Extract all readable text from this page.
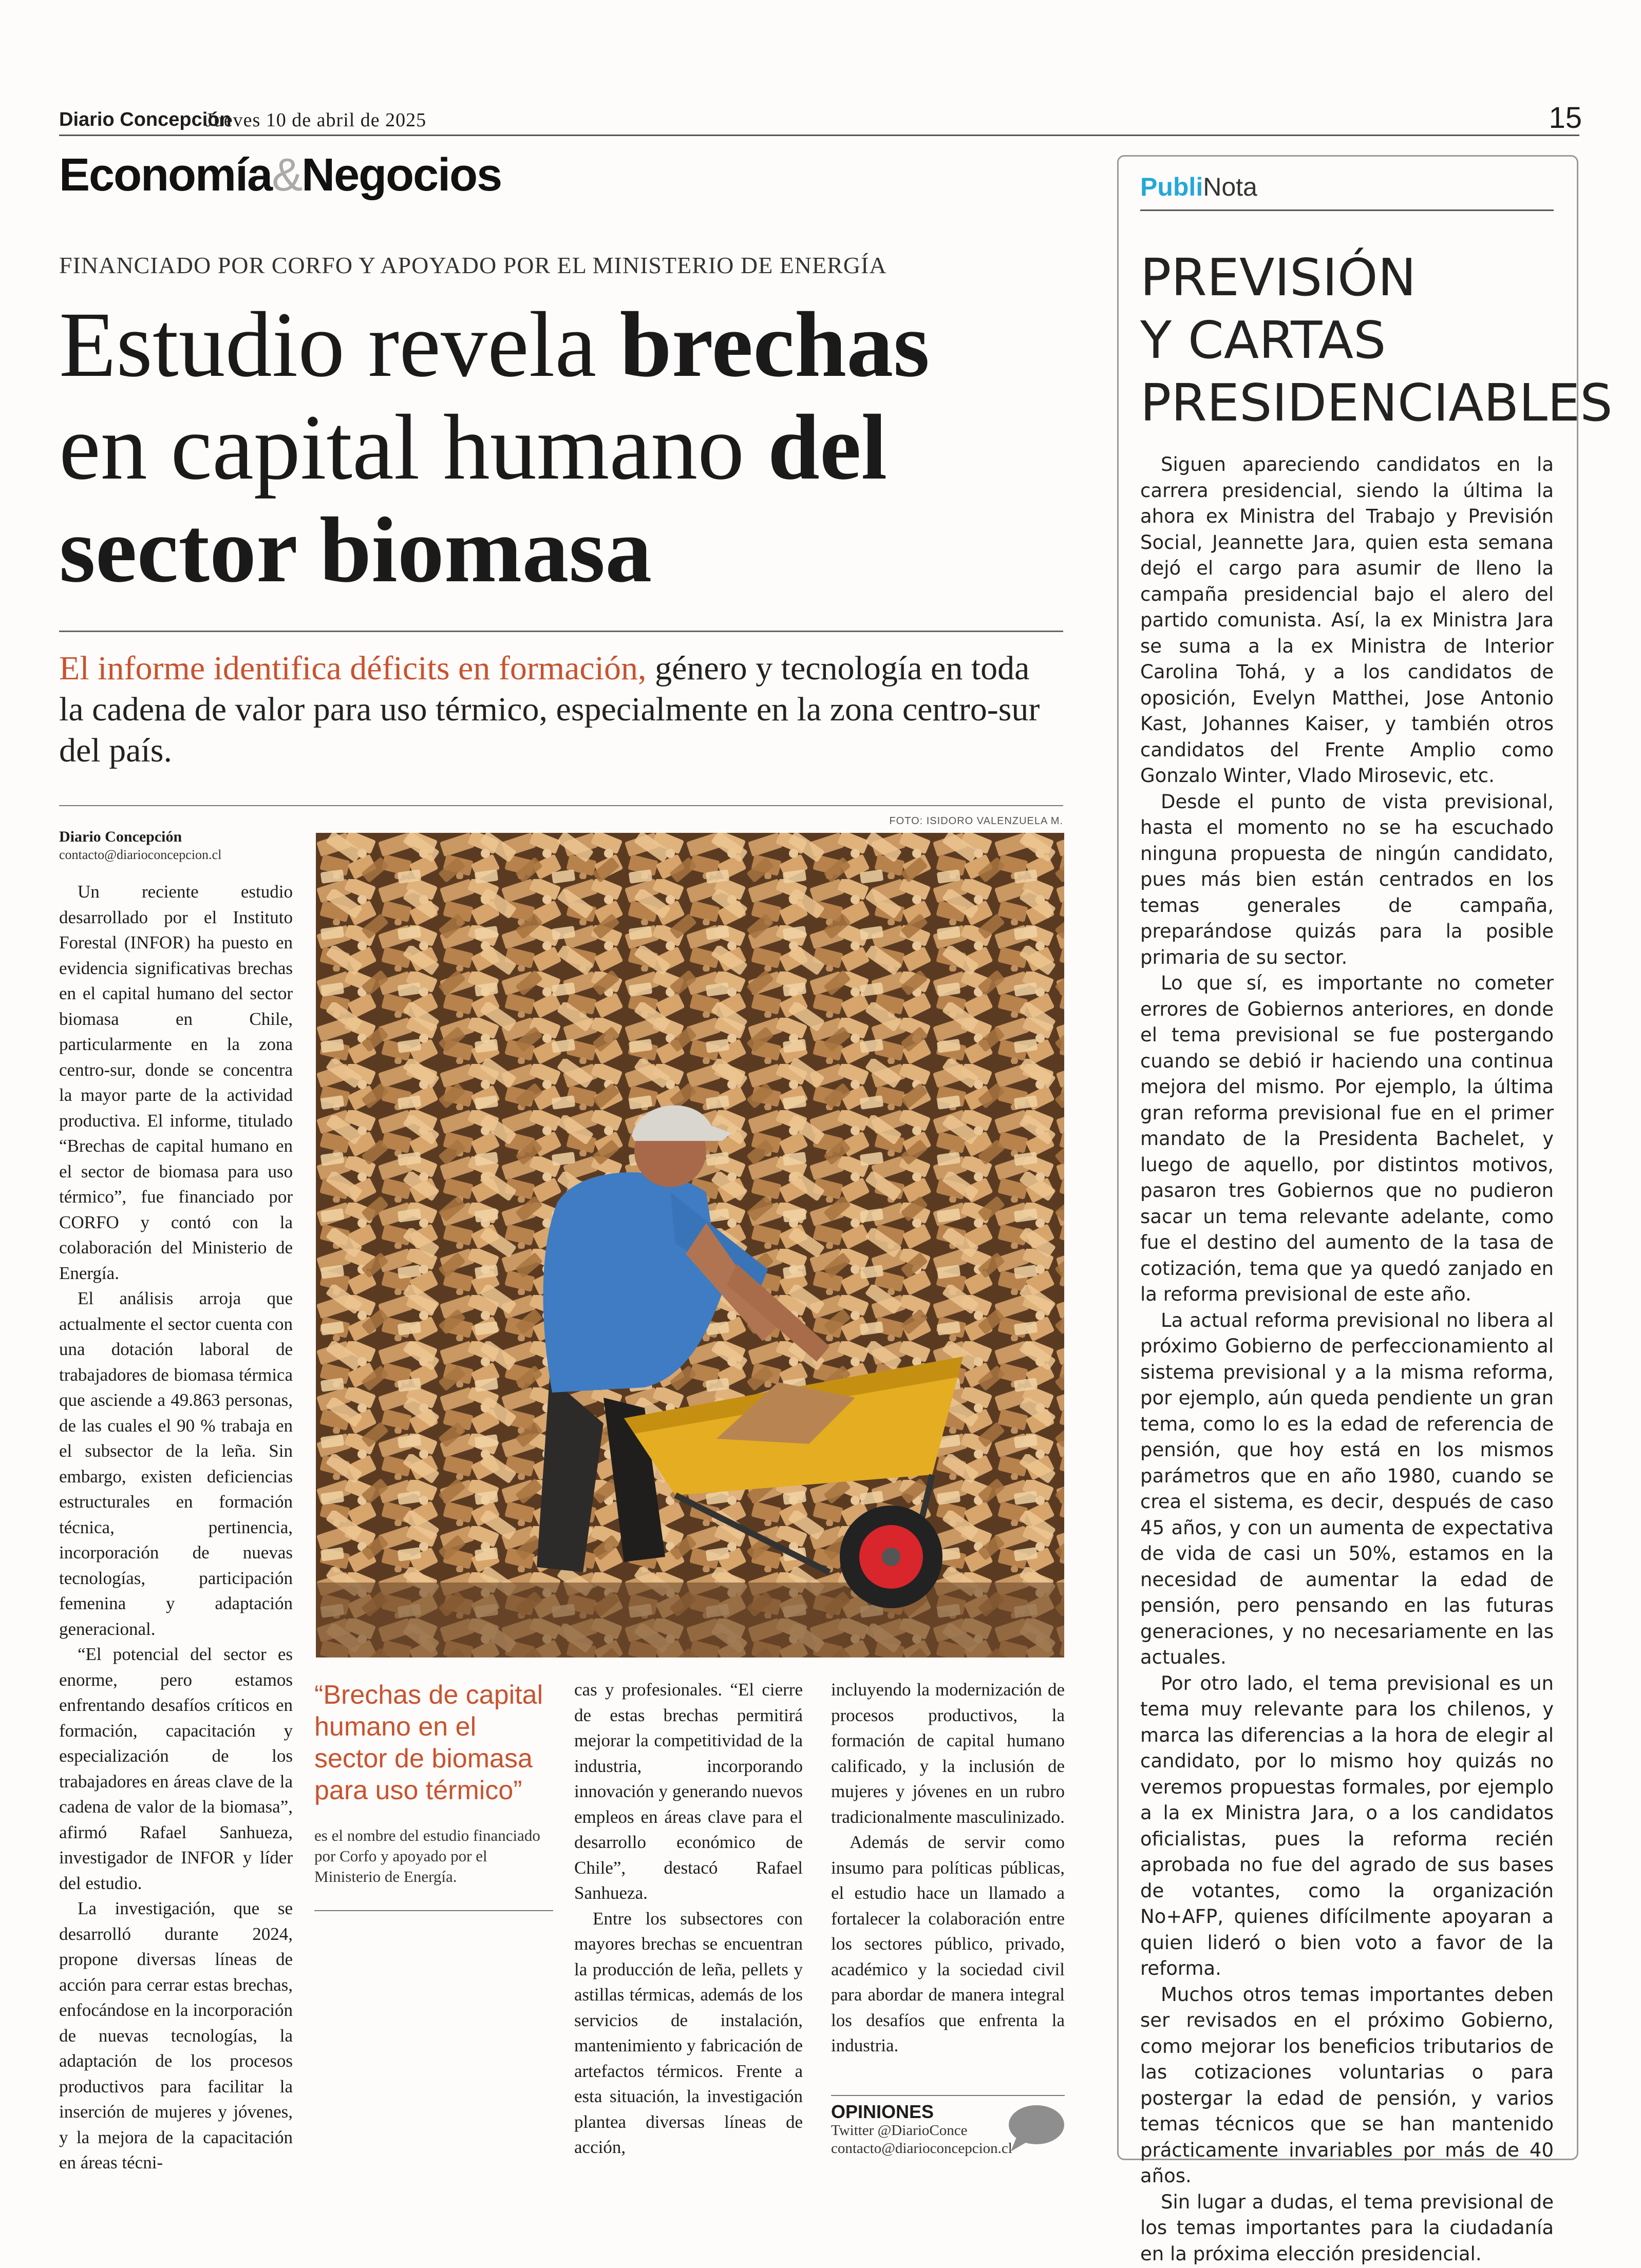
Diario Concepción
Jueves 10 de abril de 2025	15
Economía&Negocios
FINANCIADO POR CORFO Y APOYADO POR EL MINISTERIO DE ENERGÍA
Estudio revela brechas
en capital humano del
sector biomasa
El informe identifica déficits en formación, género y tecnología en toda la cadena de valor para uso térmico, especialmente en la zona centro-sur del país.
Diario Concepción
contacto@diarioconcepcion.cl

Un reciente estudio desarrollado por el Instituto Forestal (INFOR) ha puesto en evidencia significativas brechas en el capital humano del sector biomasa en Chile, particularmente en la zona centro-sur, donde se concentra la mayor parte de la actividad productiva. El informe, titulado “Brechas de capital humano en el sector de biomasa para uso térmico”, fue financiado por CORFO y contó con la colaboración del Ministerio de Energía.

El análisis arroja que actualmente el sector cuenta con una dotación laboral de trabajadores de biomasa térmica que asciende a 49.863 personas, de las cuales el 90 % trabaja en el subsector de la leña. Sin embargo, existen deficiencias estructurales en formación técnica, pertinencia, incorporación de nuevas tecnologías, participación femenina y adaptación generacional.

“El potencial del sector es enorme, pero estamos enfrentando desafíos críticos en formación, capacitación y especialización de los trabajadores en áreas clave de la cadena de valor de la biomasa”, afirmó Rafael Sanhueza, investigador de INFOR y líder del estudio.

La investigación, que se desarrolló durante 2024, propone diversas líneas de acción para cerrar estas brechas, enfocándose en la incorporación de nuevas tecnologías, la adaptación de los procesos productivos para facilitar la inserción de mujeres y jóvenes, y la mejora de la capacitación en áreas técni-

FOTO: ISIDORO VALENZUELA M.
“Brechas de capital humano en el sector de biomasa para uso térmico”
es el nombre del estudio financiado por Corfo y apoyado por el Ministerio de Energía.

cas y profesionales. “El cierre de estas brechas permitirá mejorar la competitividad de la industria, incorporando innovación y generando nuevos empleos en áreas clave para el desarrollo económico de Chile”, destacó Rafael Sanhueza.

Entre los subsectores con mayores brechas se encuentran la producción de leña, pellets y astillas térmicas, además de los servicios de instalación, mantenimiento y fabricación de artefactos térmicos. Frente a esta situación, la investigación plantea diversas líneas de acción,

incluyendo la modernización de procesos productivos, la formación de capital humano calificado, y la inclusión de mujeres y jóvenes en un rubro tradicionalmente masculinizado.

Además de servir como insumo para políticas públicas, el estudio hace un llamado a fortalecer la colaboración entre los sectores público, privado, académico y la sociedad civil para abordar de manera integral los desafíos que enfrenta la industria.

OPINIONES
Twitter @DiarioConce
contacto@diarioconcepcion.cl
PubliNota
PREVISIÓN
Y CARTAS
PRESIDENCIABLES

Siguen apareciendo candidatos en la carrera presidencial, siendo la última la ahora ex Ministra del Trabajo y Previsión Social, Jeannette Jara, quien esta semana dejó el cargo para asumir de lleno la campaña presidencial bajo el alero del partido comunista. Así, la ex Ministra Jara se suma a la ex Ministra de Interior Carolina Tohá, y a los candidatos de oposición, Evelyn Matthei, Jose Antonio Kast, Johannes Kaiser, y también otros candidatos del Frente Amplio como Gonzalo Winter, Vlado Mirosevic, etc.

Desde el punto de vista previsional, hasta el momento no se ha escuchado ninguna propuesta de ningún candidato, pues más bien están centrados en los temas generales de campaña, preparándose quizás para la posible primaria de su sector.

Lo que sí, es importante no cometer errores de Gobiernos anteriores, en donde el tema previsional se fue postergando cuando se debió ir haciendo una continua mejora del mismo. Por ejemplo, la última gran reforma previsional fue en el primer mandato de la Presidenta Bachelet, y luego de aquello, por distintos motivos, pasaron tres Gobiernos que no pudieron sacar un tema relevante adelante, como fue el destino del aumento de la tasa de cotización, tema que ya quedó zanjado en la reforma previsional de este año.

La actual reforma previsional no libera al próximo Gobierno de perfeccionamiento al sistema previsional y a la misma reforma, por ejemplo, aún queda pendiente un gran tema, como lo es la edad de referencia de pensión, que hoy está en los mismos parámetros que en año 1980, cuando se crea el sistema, es decir, después de caso 45 años, y con un aumenta de expectativa de vida de casi un 50%, estamos en la necesidad de aumentar la edad de pensión, pero pensando en las futuras generaciones, y no necesariamente en las actuales.

Por otro lado, el tema previsional es un tema muy relevante para los chilenos, y marca las diferencias a la hora de elegir al candidato, por lo mismo hoy quizás no veremos propuestas formales, por ejemplo a la ex Ministra Jara, o a los candidatos oficialistas, pues la reforma recién aprobada no fue del agrado de sus bases de votantes, como la organización No+AFP, quienes difícilmente apoyaran a quien lideró o bien voto a favor de la reforma.

Muchos otros temas importantes deben ser revisados en el próximo Gobierno, como mejorar los beneficios tributarios de las cotizaciones voluntarias o para postergar la edad de pensión, y varios temas técnicos que se han mantenido prácticamente invariables por más de 40 años.

Sin lugar a dudas, el tema previsional de los temas importantes para la ciudadanía en la próxima elección presidencial.
